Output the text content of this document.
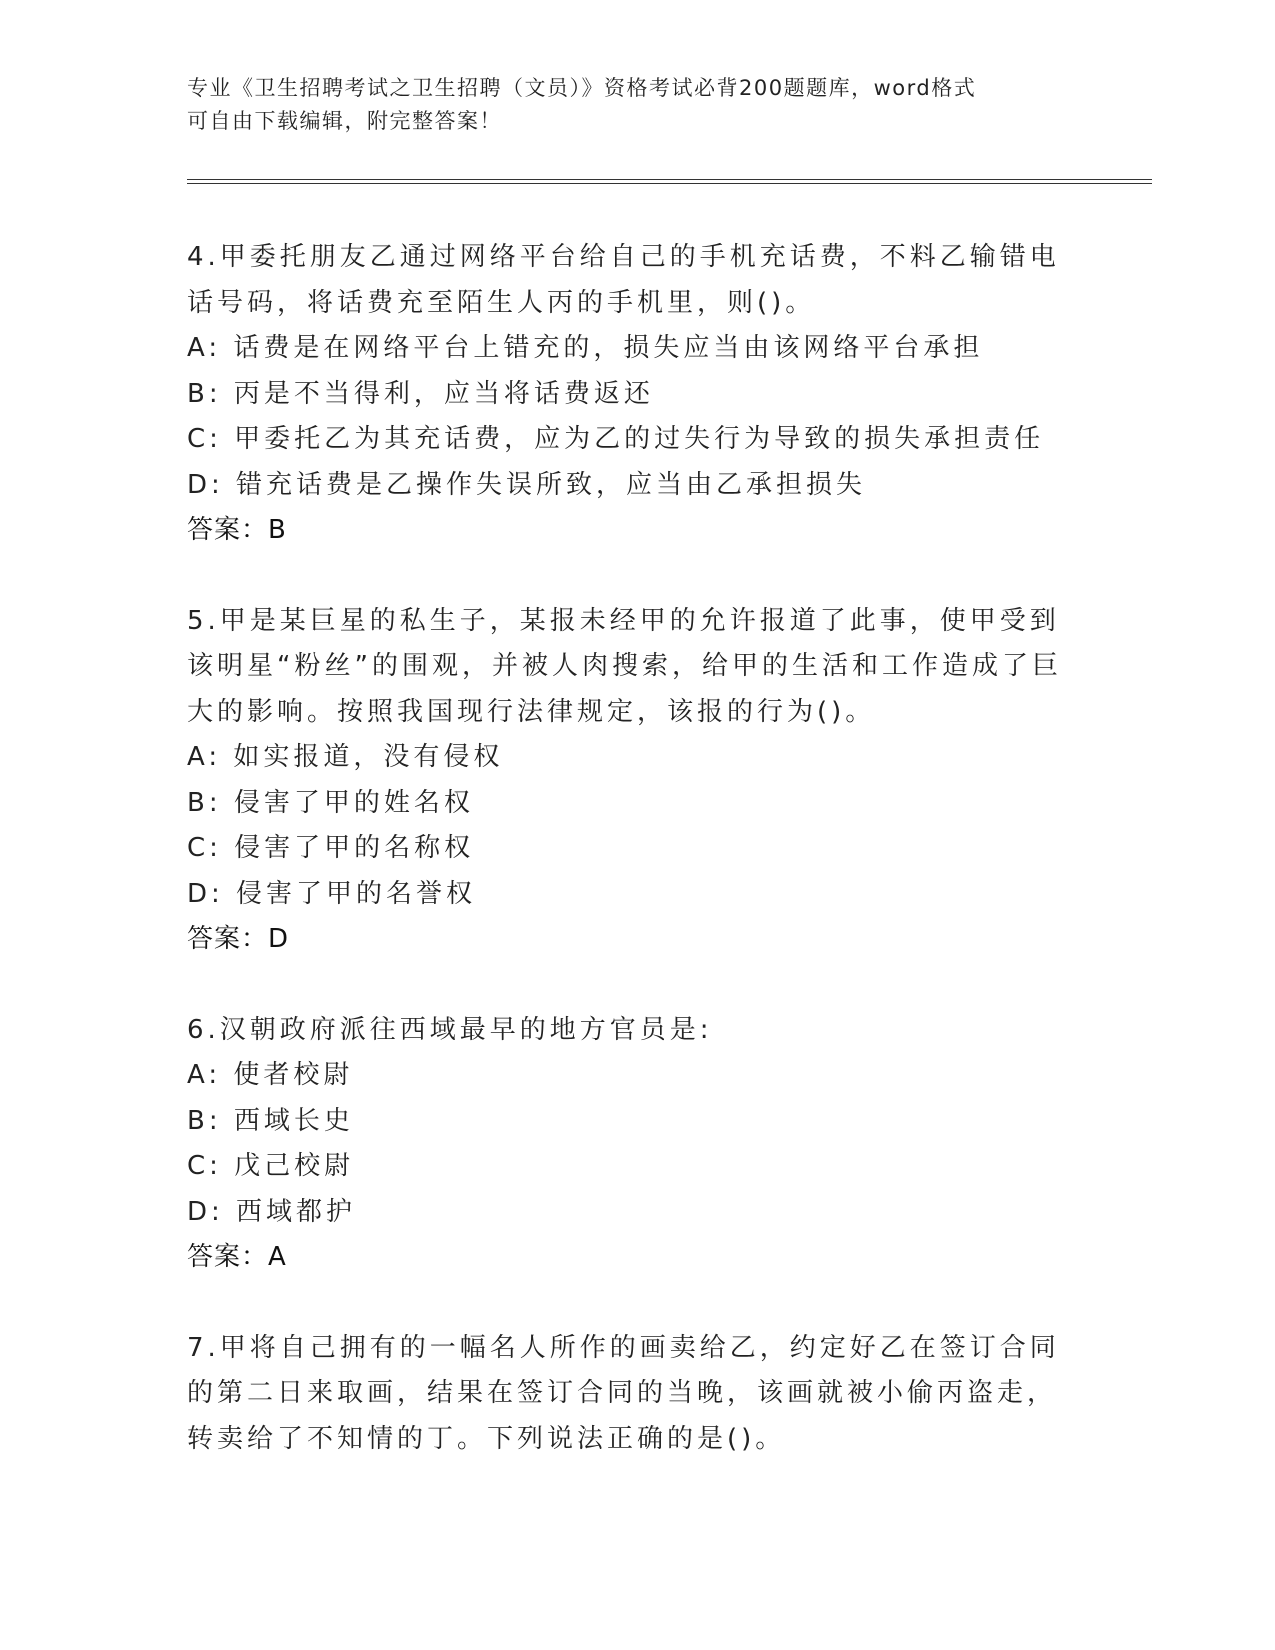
专业《卫生招聘考试之卫生招聘（文员）》资格考试必背200题题库，word格式
可自由下载编辑，附完整答案！
4.甲委托朋友乙通过网络平台给自己的手机充话费，不料乙输错电话号码，将话费充至陌生人丙的手机里，则()。
A: 话费是在网络平台上错充的，损失应当由该网络平台承担
B: 丙是不当得利，应当将话费返还
C: 甲委托乙为其充话费，应为乙的过失行为导致的损失承担责任
D: 错充话费是乙操作失误所致，应当由乙承担损失
答案：B
5.甲是某巨星的私生子，某报未经甲的允许报道了此事，使甲受到该明星“粉丝”的围观，并被人肉搜索，给甲的生活和工作造成了巨大的影响。按照我国现行法律规定，该报的行为()。
A: 如实报道，没有侵权
B: 侵害了甲的姓名权
C: 侵害了甲的名称权
D: 侵害了甲的名誉权
答案：D
6.汉朝政府派往西域最早的地方官员是:
A: 使者校尉
B: 西域长史
C: 戊己校尉
D: 西域都护
答案：A
7.甲将自己拥有的一幅名人所作的画卖给乙，约定好乙在签订合同的第二日来取画，结果在签订合同的当晚，该画就被小偷丙盗走，转卖给了不知情的丁。下列说法正确的是()。
